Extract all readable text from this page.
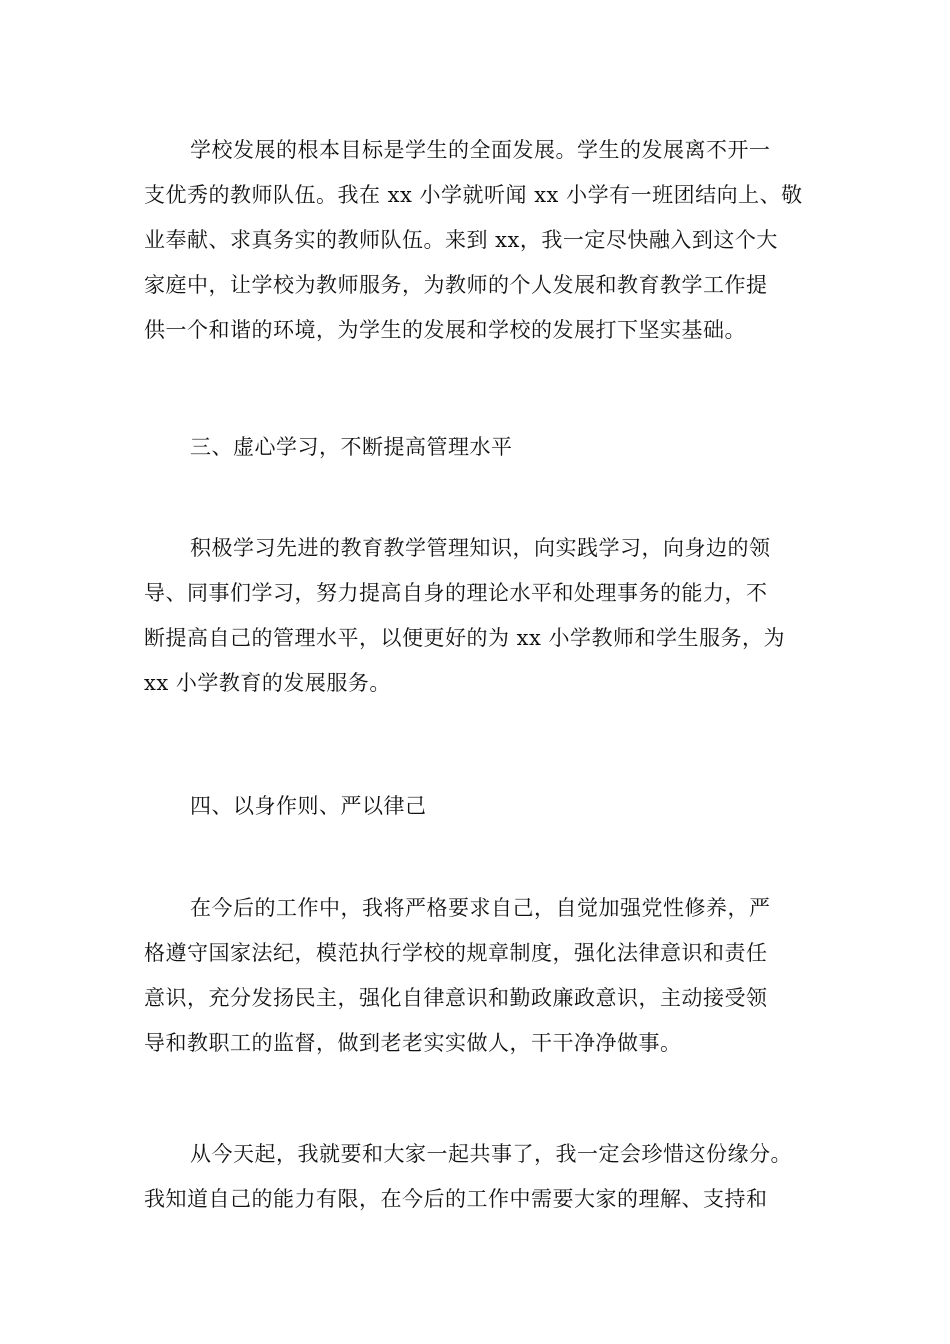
学校发展的根本目标是学生的全面发展。学生的发展离不开一
支优秀的教师队伍。我在 xx 小学就听闻 xx 小学有一班团结向上、敬
业奉献、求真务实的教师队伍。来到 xx，我一定尽快融入到这个大
家庭中，让学校为教师服务，为教师的个人发展和教育教学工作提
供一个和谐的环境，为学生的发展和学校的发展打下坚实基础。

三、虚心学习，不断提高管理水平

积极学习先进的教育教学管理知识，向实践学习，向身边的领
导、同事们学习，努力提高自身的理论水平和处理事务的能力，不
断提高自己的管理水平，以便更好的为 xx 小学教师和学生服务，为
xx 小学教育的发展服务。

四、以身作则、严以律己

在今后的工作中，我将严格要求自己，自觉加强党性修养，严
格遵守国家法纪，模范执行学校的规章制度，强化法律意识和责任
意识，充分发扬民主，强化自律意识和勤政廉政意识，主动接受领
导和教职工的监督，做到老老实实做人，干干净净做事。

从今天起，我就要和大家一起共事了，我一定会珍惜这份缘分。
我知道自己的能力有限，在今后的工作中需要大家的理解、支持和
